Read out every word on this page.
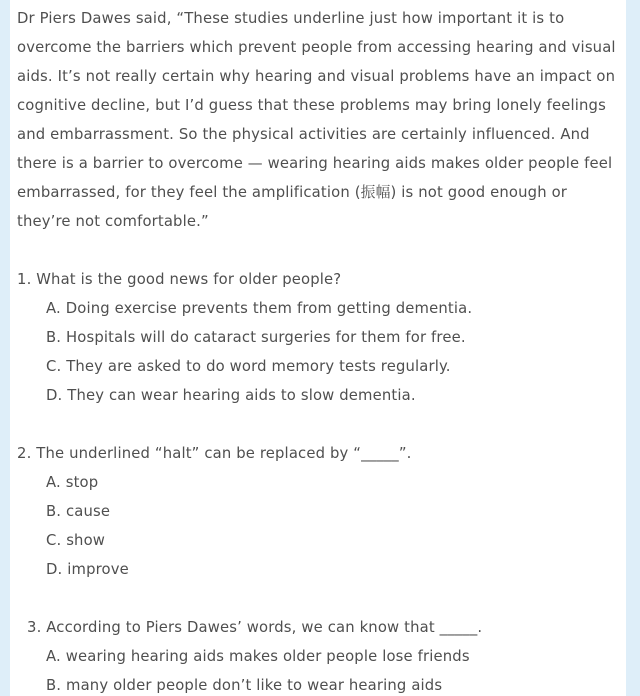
Dr Piers Dawes said, “These studies underline just how important it is to overcome the barriers which prevent people from accessing hearing and visual aids. It’s not really certain why hearing and visual problems have an impact on cognitive decline, but I’d guess that these problems may bring lonely feelings and embarrassment. So the physical activities are certainly influenced. And there is a barrier to overcome — wearing hearing aids makes older people feel embarrassed, for they feel the amplification (振幅) is not good enough or they’re not comfortable.”

1. What is the good news for older people?
A. Doing exercise prevents them from getting dementia.
B. Hospitals will do cataract surgeries for them for free.
C. They are asked to do word memory tests regularly.
D. They can wear hearing aids to slow dementia.
2. The underlined “halt” can be replaced by “_____”.
A. stop
B. cause
C. show
D. improve
3. According to Piers Dawes’ words, we can know that _____.
A. wearing hearing aids makes older people lose friends
B. many older people don’t like to wear hearing aids
